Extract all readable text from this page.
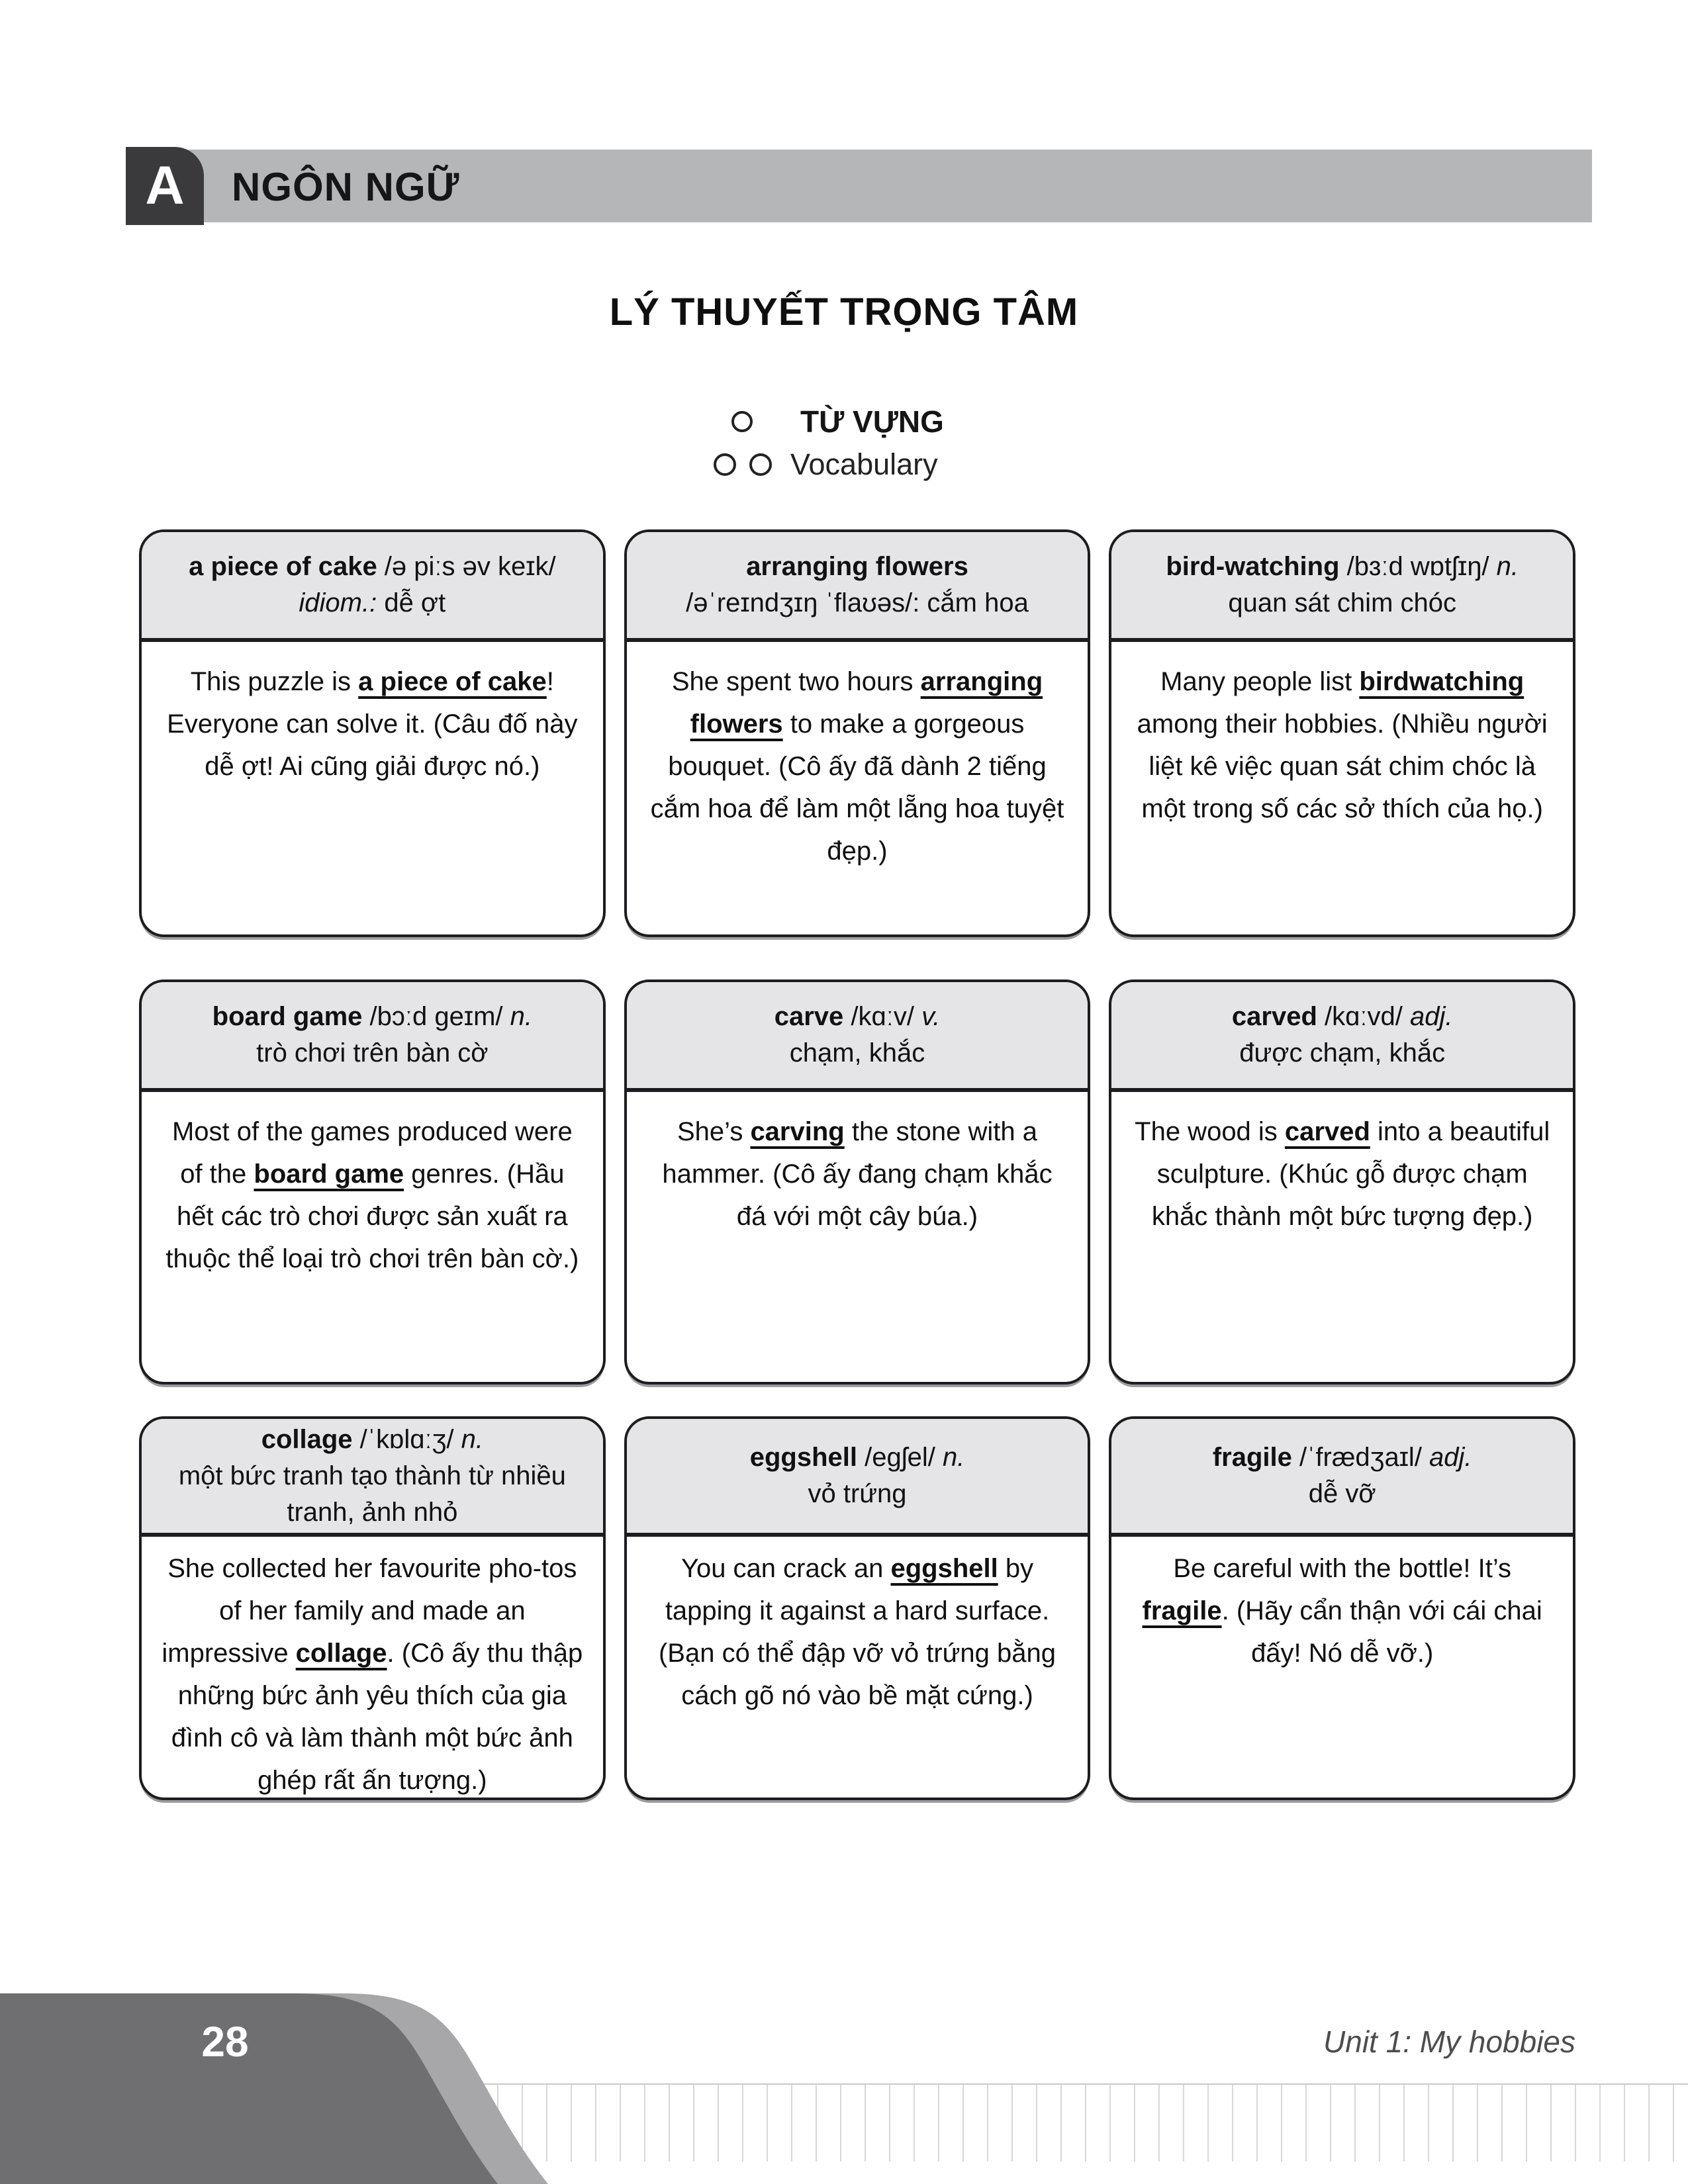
A NGÔN NGỮ
LÝ THUYẾT TRỌNG TÂM
TỪ VỰNG
Vocabulary
a piece of cake /ə piːs əv keɪk/
idiom.: dễ ợt
This puzzle is a piece of cake! Everyone can solve it. (Câu đố này dễ ợt! Ai cũng giải được nó.)
arranging flowers
/əˈreɪndʒɪŋ ˈflaʊəs/: cắm hoa
She spent two hours arranging flowers to make a gorgeous bouquet. (Cô ấy đã dành 2 tiếng cắm hoa để làm một lẵng hoa tuyệt đẹp.)
bird-watching /bɜːd wɒtʃɪŋ/ n.
quan sát chim chóc
Many people list birdwatching among their hobbies. (Nhiều người liệt kê việc quan sát chim chóc là một trong số các sở thích của họ.)
board game /bɔːd geɪm/ n.
trò chơi trên bàn cờ
Most of the games produced were of the board game genres. (Hầu hết các trò chơi được sản xuất ra thuộc thể loại trò chơi trên bàn cờ.)
carve /kɑːv/ v.
chạm, khắc
She’s carving the stone with a hammer. (Cô ấy đang chạm khắc đá với một cây búa.)
carved /kɑːvd/ adj.
được chạm, khắc
The wood is carved into a beautiful sculpture. (Khúc gỗ được chạm khắc thành một bức tượng đẹp.)
collage /ˈkɒlɑːʒ/ n.
một bức tranh tạo thành từ nhiều tranh, ảnh nhỏ
She collected her favourite pho-tos of her family and made an impressive collage. (Cô ấy thu thập những bức ảnh yêu thích của gia đình cô và làm thành một bức ảnh ghép rất ấn tượng.)
eggshell /egʃel/ n.
vỏ trứng
You can crack an eggshell by tapping it against a hard surface. (Bạn có thể đập vỡ vỏ trứng bằng cách gõ nó vào bề mặt cứng.)
fragile /ˈfrædʒaɪl/ adj.
dễ vỡ
Be careful with the bottle! It’s fragile. (Hãy cẩn thận với cái chai đấy! Nó dễ vỡ.)
28	Unit 1: My hobbies
